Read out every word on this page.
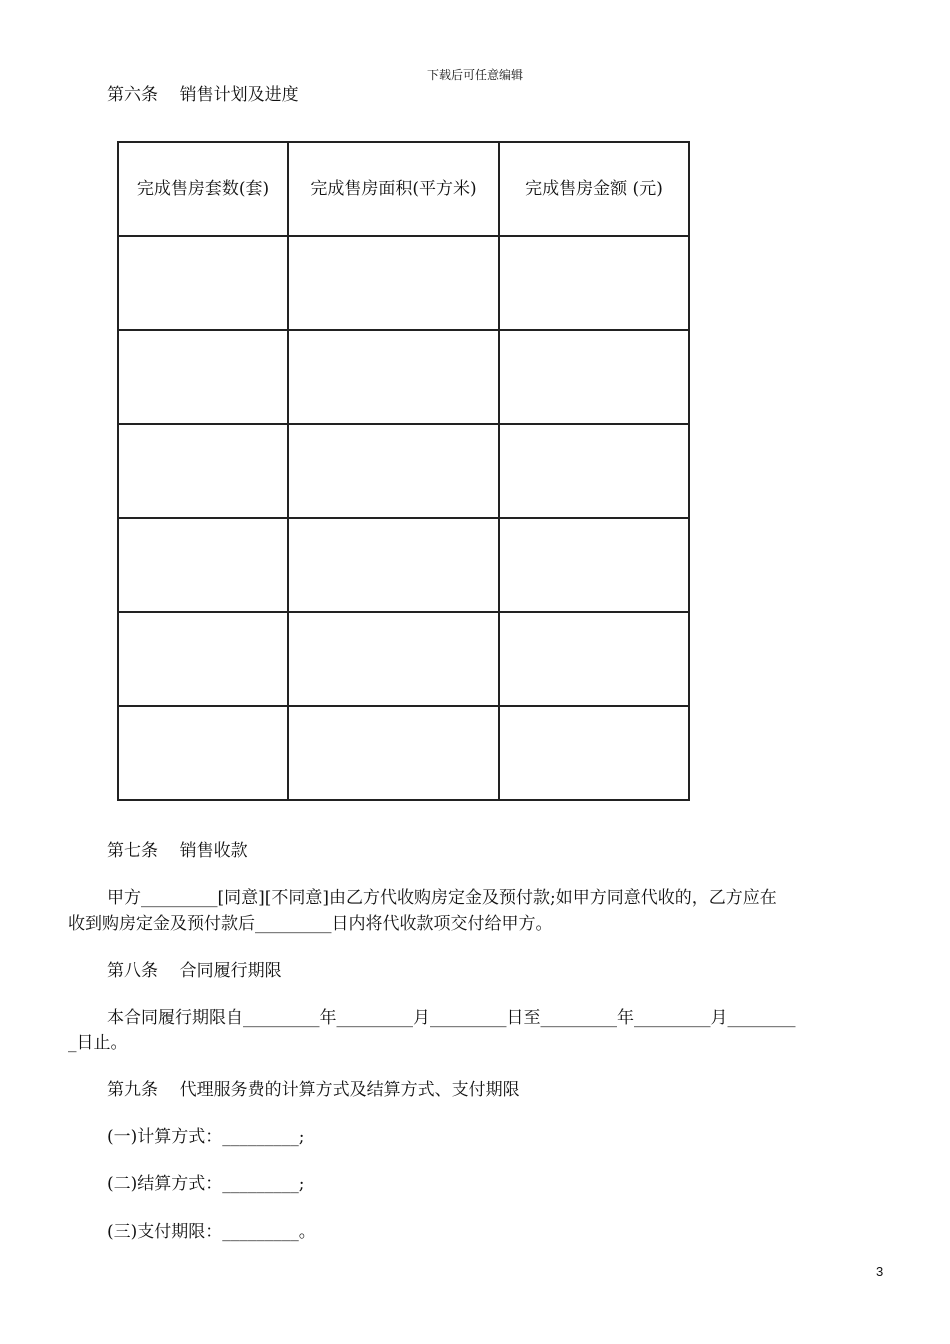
下载后可任意编辑
第六条    销售计划及进度
完成售房套数(套)	完成售房面积(平方米)	完成售房金额 (元)
第七条    销售收款
甲方_________[同意][不同意]由乙方代收购房定金及预付款;如甲方同意代收的，乙方应在
收到购房定金及预付款后_________日内将代收款项交付给甲方。
第八条    合同履行期限
本合同履行期限自_________年_________月_________日至_________年_________月________
_日止。
第九条    代理服务费的计算方式及结算方式、支付期限
(一)计算方式：_________;
(二)结算方式：_________;
(三)支付期限：_________。
3
